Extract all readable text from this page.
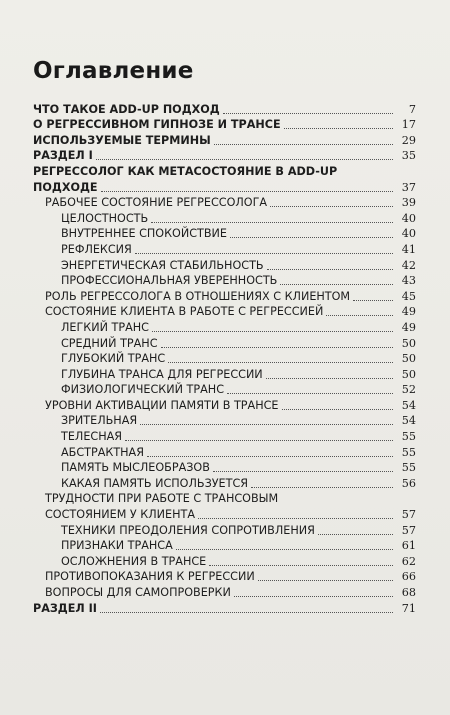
Оглавление
ЧТО ТАКОЕ ADD-UP ПОДХОД	7
О РЕГРЕССИВНОМ ГИПНОЗЕ И ТРАНСЕ	17
ИСПОЛЬЗУЕМЫЕ ТЕРМИНЫ	29
РАЗДЕЛ I	35
РЕГРЕССОЛОГ КАК МЕТАСОСТОЯНИЕ В ADD-UP
ПОДХОДЕ	37
РАБОЧЕЕ СОСТОЯНИЕ РЕГРЕССОЛОГА	39
ЦЕЛОСТНОСТЬ	40
ВНУТРЕННЕЕ СПОКОЙСТВИЕ	40
РЕФЛЕКСИЯ	41
ЭНЕРГЕТИЧЕСКАЯ СТАБИЛЬНОСТЬ	42
ПРОФЕССИОНАЛЬНАЯ УВЕРЕННОСТЬ	43
РОЛЬ РЕГРЕССОЛОГА В ОТНОШЕНИЯХ С КЛИЕНТОМ	45
СОСТОЯНИЕ КЛИЕНТА В РАБОТЕ С РЕГРЕССИЕЙ	49
ЛЕГКИЙ ТРАНС	49
СРЕДНИЙ ТРАНС	50
ГЛУБОКИЙ ТРАНС	50
ГЛУБИНА ТРАНСА ДЛЯ РЕГРЕССИИ	50
ФИЗИОЛОГИЧЕСКИЙ ТРАНС	52
УРОВНИ АКТИВАЦИИ ПАМЯТИ В ТРАНСЕ	54
ЗРИТЕЛЬНАЯ	54
ТЕЛЕСНАЯ	55
АБСТРАКТНАЯ	55
ПАМЯТЬ МЫСЛЕОБРАЗОВ	55
КАКАЯ ПАМЯТЬ ИСПОЛЬЗУЕТСЯ	56
ТРУДНОСТИ ПРИ РАБОТЕ С ТРАНСОВЫМ
СОСТОЯНИЕМ У КЛИЕНТА	57
ТЕХНИКИ ПРЕОДОЛЕНИЯ СОПРОТИВЛЕНИЯ	57
ПРИЗНАКИ ТРАНСА	61
ОСЛОЖНЕНИЯ В ТРАНСЕ	62
ПРОТИВОПОКАЗАНИЯ К РЕГРЕССИИ	66
ВОПРОСЫ ДЛЯ САМОПРОВЕРКИ	68
РАЗДЕЛ II	71
